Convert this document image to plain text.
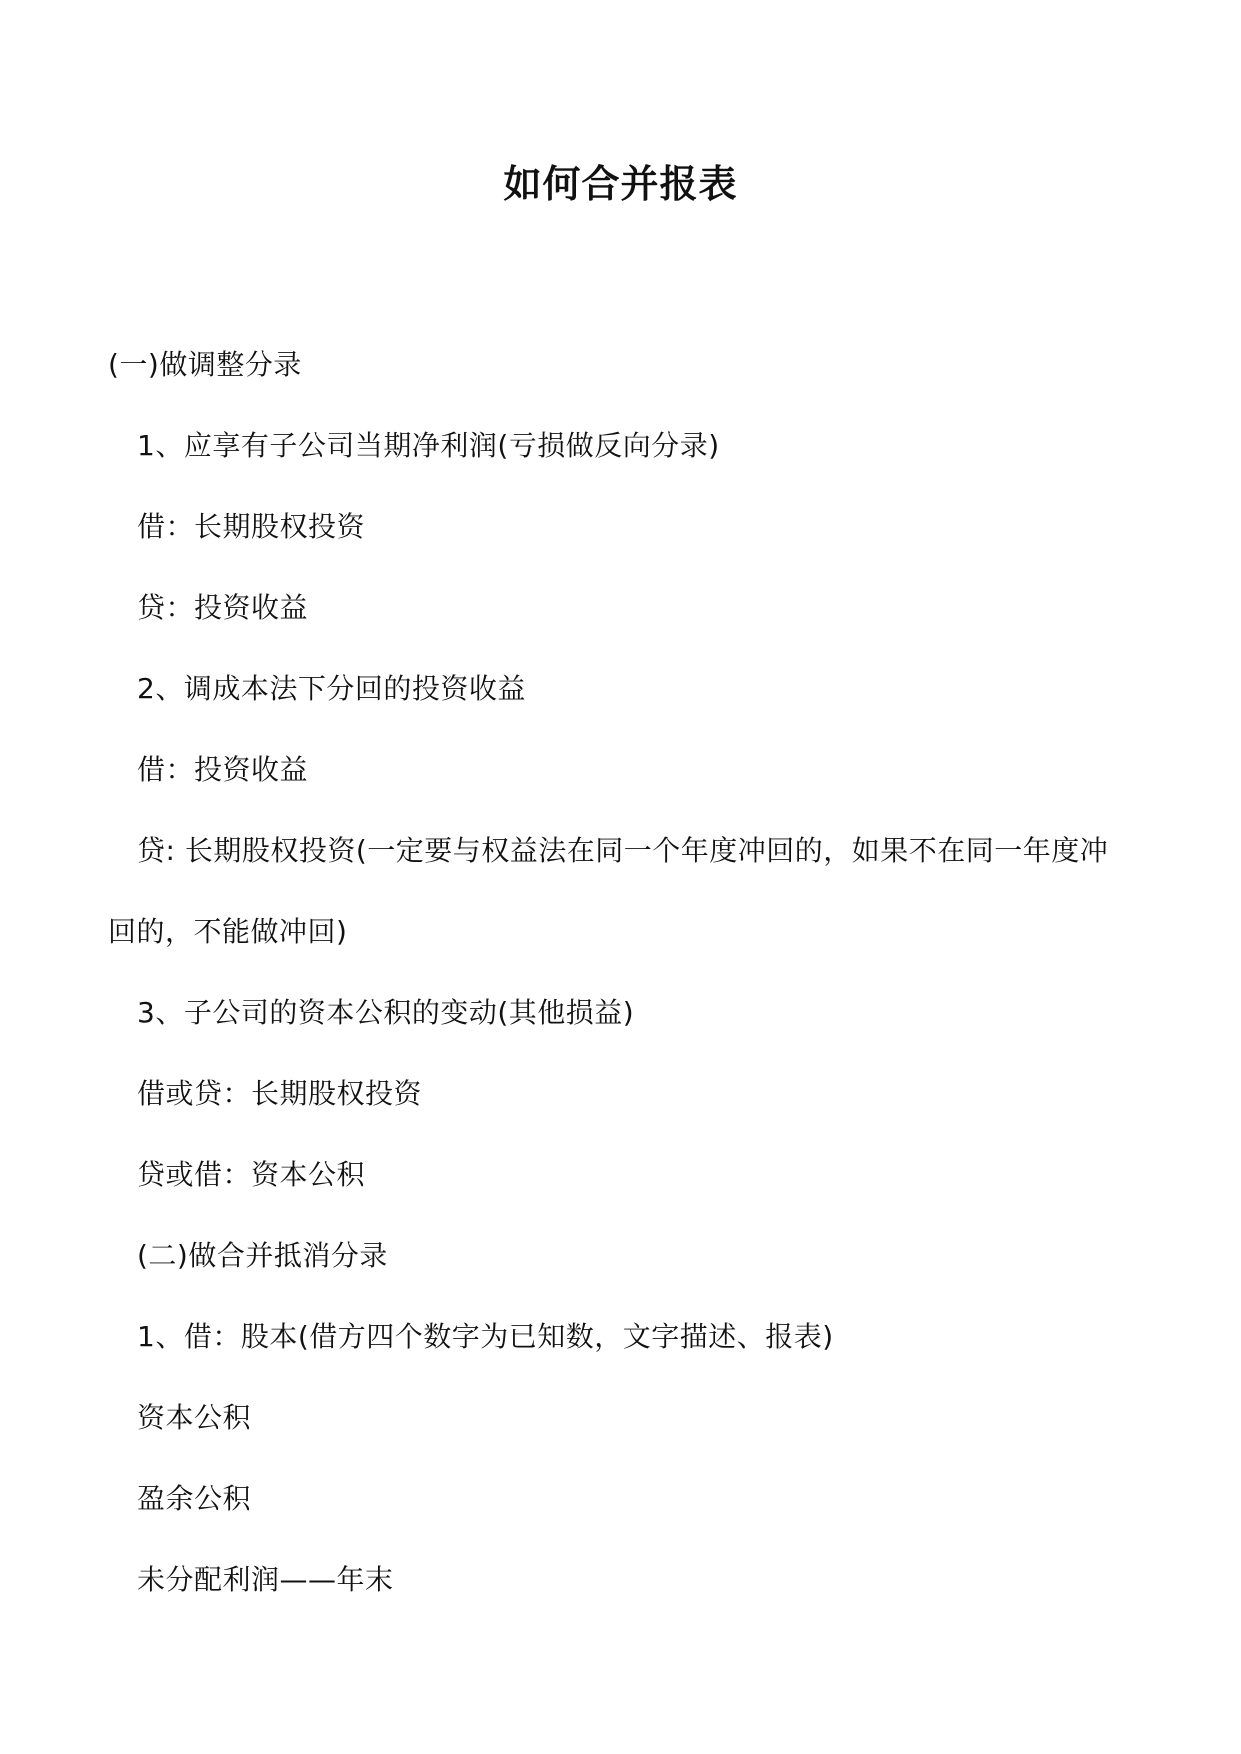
如何合并报表
(一)做调整分录
1、应享有子公司当期净利润(亏损做反向分录)
借：长期股权投资
贷：投资收益
2、调成本法下分回的投资收益
借：投资收益
贷: 长期股权投资(一定要与权益法在同一个年度冲回的，如果不在同一年度冲
回的，不能做冲回)
3、子公司的资本公积的变动(其他损益)
借或贷：长期股权投资
贷或借：资本公积
(二)做合并抵消分录
1、借：股本(借方四个数字为已知数，文字描述、报表)
资本公积
盈余公积
未分配利润——年末
